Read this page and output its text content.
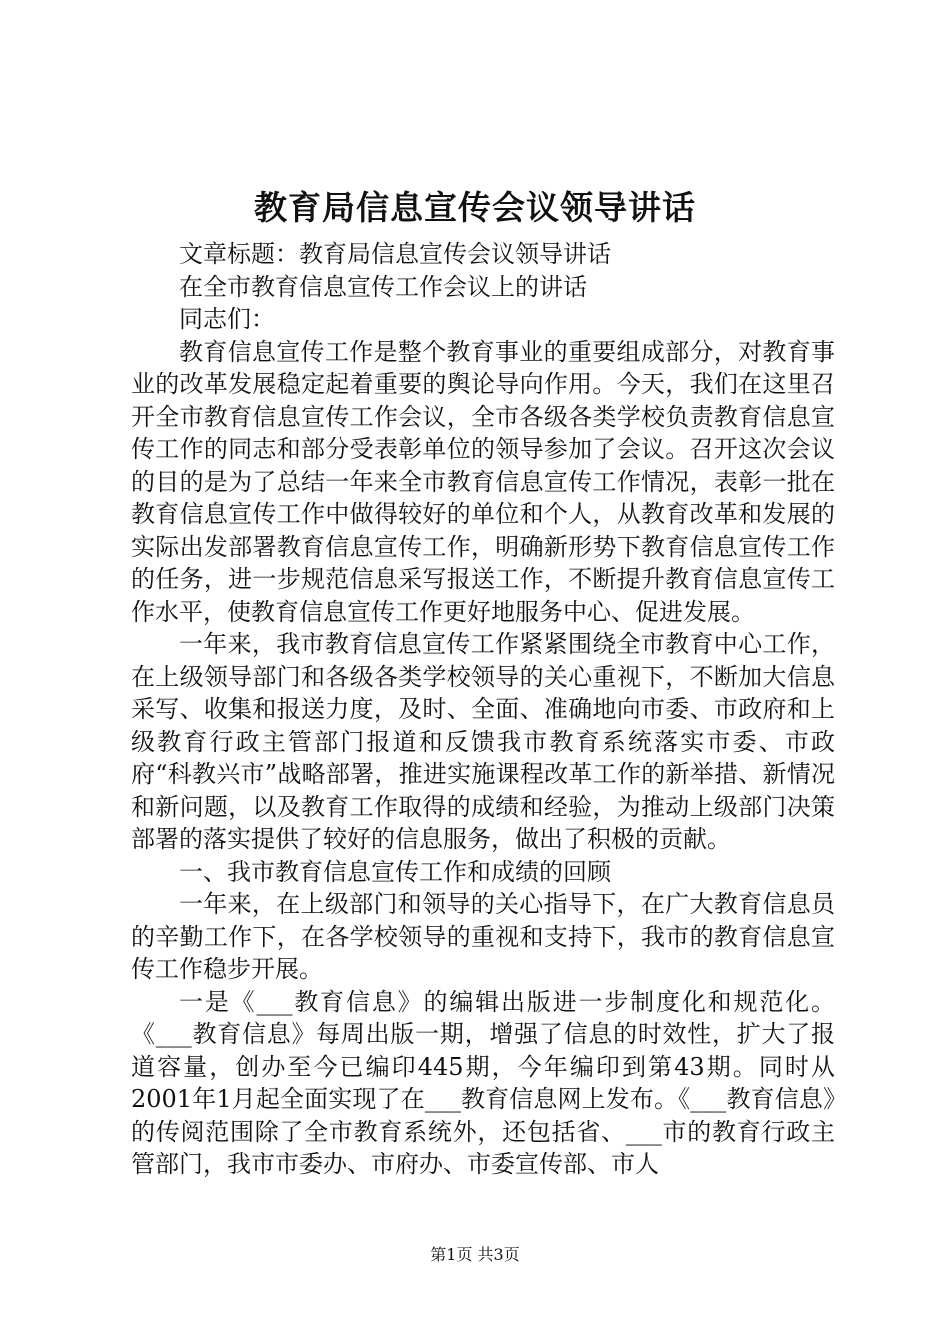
教育局信息宣传会议领导讲话

文章标题：教育局信息宣传会议领导讲话

在全市教育信息宣传工作会议上的讲话

同志们：

教育信息宣传工作是整个教育事业的重要组成部分，对教育事业的改革发展稳定起着重要的舆论导向作用。今天，我们在这里召开全市教育信息宣传工作会议，全市各级各类学校负责教育信息宣传工作的同志和部分受表彰单位的领导参加了会议。召开这次会议的目的是为了总结一年来全市教育信息宣传工作情况，表彰一批在教育信息宣传工作中做得较好的单位和个人，从教育改革和发展的实际出发部署教育信息宣传工作，明确新形势下教育信息宣传工作的任务，进一步规范信息采写报送工作，不断提升教育信息宣传工作水平，使教育信息宣传工作更好地服务中心、促进发展。

一年来，我市教育信息宣传工作紧紧围绕全市教育中心工作，在上级领导部门和各级各类学校领导的关心重视下，不断加大信息采写、收集和报送力度，及时、全面、准确地向市委、市政府和上级教育行政主管部门报道和反馈我市教育系统落实市委、市政府“科教兴市”战略部署，推进实施课程改革工作的新举措、新情况和新问题，以及教育工作取得的成绩和经验，为推动上级部门决策部署的落实提供了较好的信息服务，做出了积极的贡献。

一、我市教育信息宣传工作和成绩的回顾

一年来，在上级部门和领导的关心指导下，在广大教育信息员的辛勤工作下，在各学校领导的重视和支持下，我市的教育信息宣传工作稳步开展。

一是《___教育信息》的编辑出版进一步制度化和规范化。《___教育信息》每周出版一期，增强了信息的时效性，扩大了报道容量，创办至今已编印445期，今年编印到第43期。同时从2001年1月起全面实现了在___教育信息网上发布。《___教育信息》的传阅范围除了全市教育系统外，还包括省、___市的教育行政主管部门，我市市委办、市府办、市委宣传部、市人

第1页 共3页
